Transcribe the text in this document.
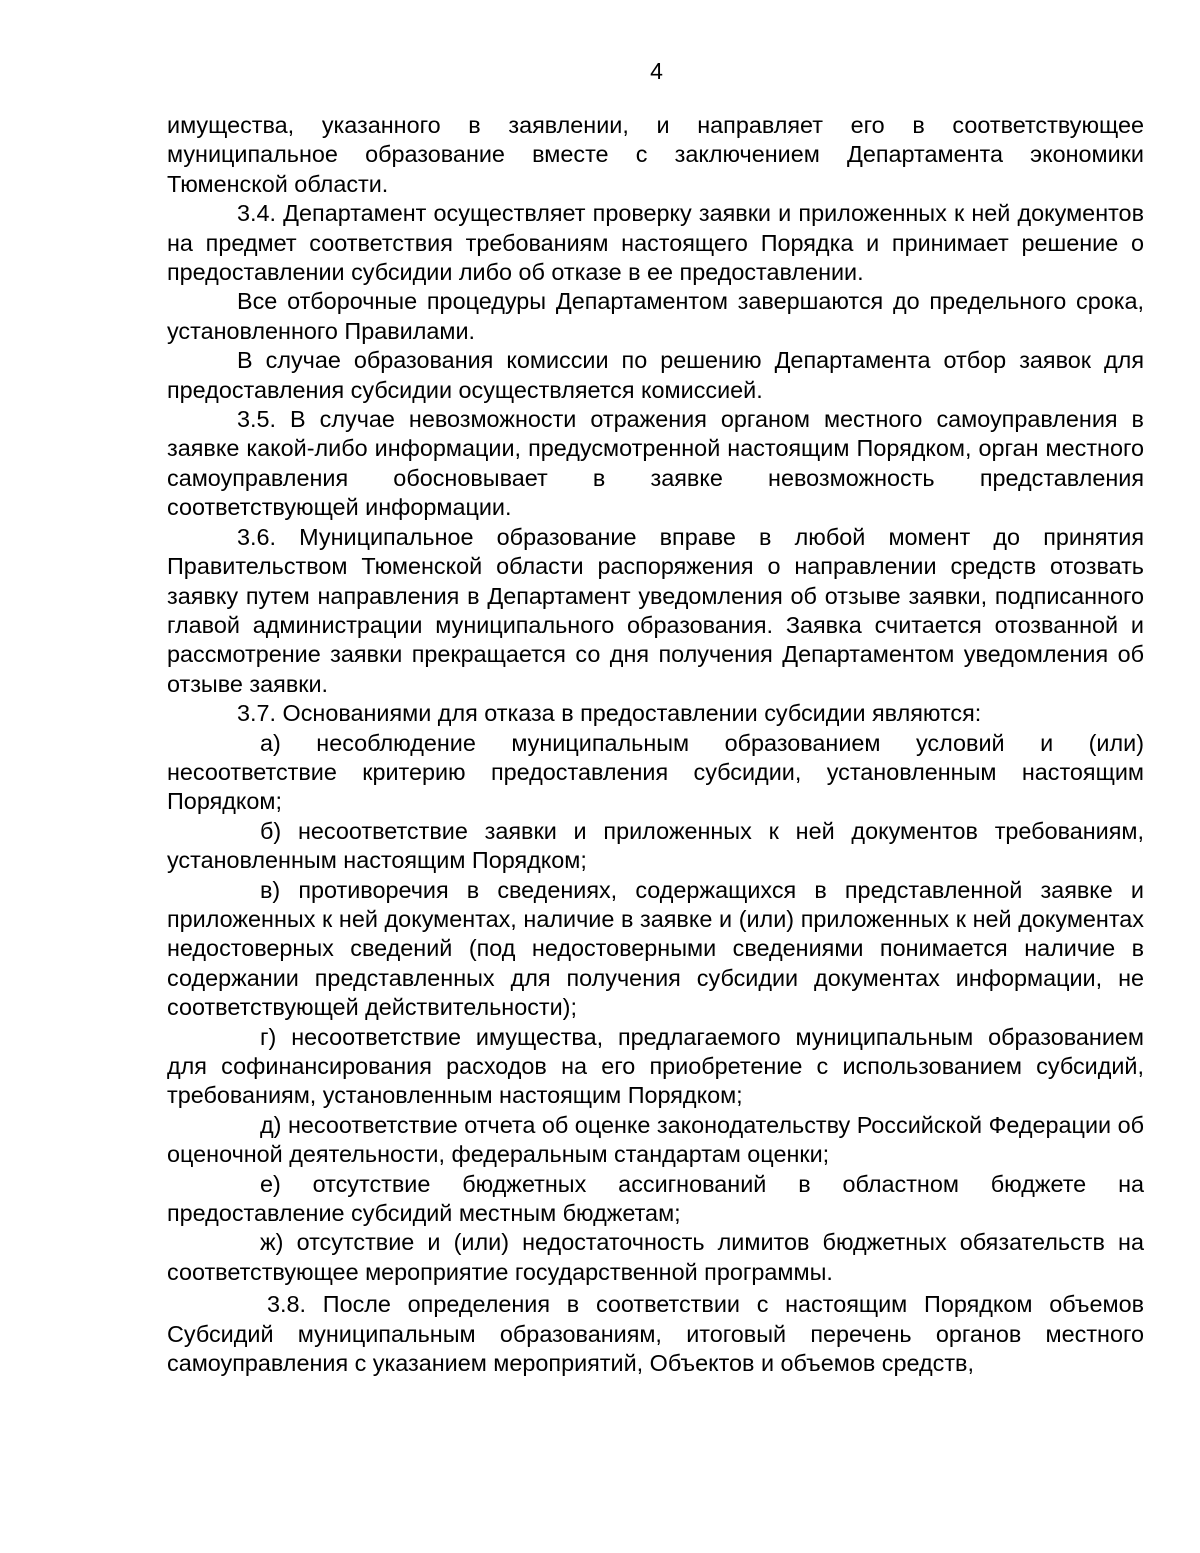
4

имущества, указанного в заявлении, и направляет его в соответствующее муниципальное образование вместе с заключением Департамента экономики Тюменской области.

3.4. Департамент осуществляет проверку заявки и приложенных к ней документов на предмет соответствия требованиям настоящего Порядка и принимает решение о предоставлении субсидии либо об отказе в ее предоставлении.

Все отборочные процедуры Департаментом завершаются до предельного срока, установленного Правилами.

В случае образования комиссии по решению Департамента отбор заявок для предоставления субсидии осуществляется комиссией.

3.5. В случае невозможности отражения органом местного самоуправления в заявке какой-либо информации, предусмотренной настоящим Порядком, орган местного самоуправления обосновывает в заявке невозможность представления соответствующей информации.

3.6. Муниципальное образование вправе в любой момент до принятия Правительством Тюменской области распоряжения о направлении средств отозвать заявку путем направления в Департамент уведомления об отзыве заявки, подписанного главой администрации муниципального образования. Заявка считается отозванной и рассмотрение заявки прекращается со дня получения Департаментом уведомления об отзыве заявки.

3.7. Основаниями для отказа в предоставлении субсидии являются:

а) несоблюдение муниципальным образованием условий и (или) несоответствие критерию предоставления субсидии, установленным настоящим Порядком;

б) несоответствие заявки и приложенных к ней документов требованиям, установленным настоящим Порядком;

в) противоречия в сведениях, содержащихся в представленной заявке и приложенных к ней документах, наличие в заявке и (или) приложенных к ней документах недостоверных сведений (под недостоверными сведениями понимается наличие в содержании представленных для получения субсидии документах информации, не соответствующей действительности);

г) несоответствие имущества, предлагаемого муниципальным образованием для софинансирования расходов на его приобретение с использованием субсидий, требованиям, установленным настоящим Порядком;

д) несоответствие отчета об оценке законодательству Российской Федерации об оценочной деятельности, федеральным стандартам оценки;

е) отсутствие бюджетных ассигнований в областном бюджете на предоставление субсидий местным бюджетам;

ж) отсутствие и (или) недостаточность лимитов бюджетных обязательств на соответствующее мероприятие государственной программы.

3.8. После определения в соответствии с настоящим Порядком объемов Субсидий муниципальным образованиям, итоговый перечень органов местного самоуправления с указанием мероприятий, Объектов и объемов средств,
